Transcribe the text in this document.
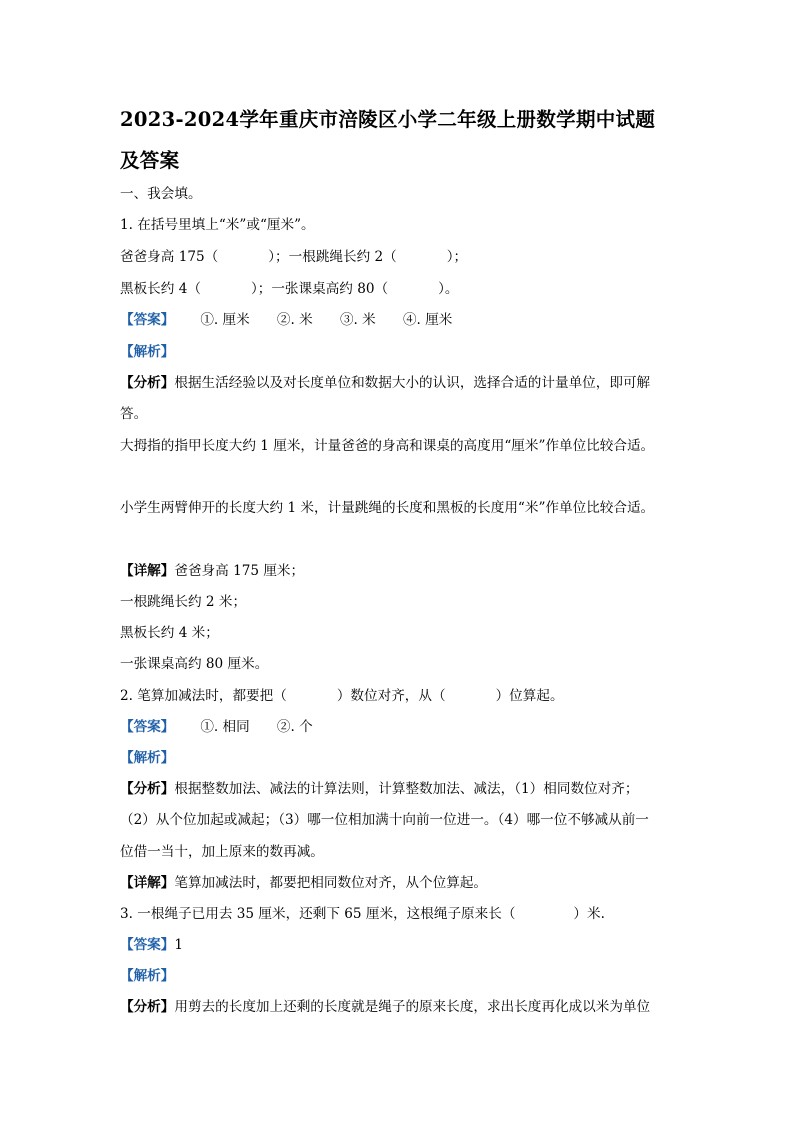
2023-2024学年重庆市涪陵区小学二年级上册数学期中试题
及答案
一、我会填。
1. 在括号里填上“米”或“厘米”。
爸爸身高 175（	）；一根跳绳长约 2（	）；
黑板长约 4（	）；一张课桌高约 80（	）。
【答案】 ①. 厘米　　②. 米　　③. 米　　④. 厘米
【解析】
【分析】根据生活经验以及对长度单位和数据大小的认识，选择合适的计量单位，即可解
答。
大拇指的指甲长度大约 1 厘米，计量爸爸的身高和课桌的高度用“厘米”作单位比较合适。
小学生两臂伸开的长度大约 1 米，计量跳绳的长度和黑板的长度用“米”作单位比较合适。
【详解】爸爸身高 175 厘米；
一根跳绳长约 2 米；
黑板长约 4 米；
一张课桌高约 80 厘米。
2. 笔算加减法时，都要把（	）数位对齐，从（	）位算起。
【答案】 ①. 相同　　②. 个
【解析】
【分析】根据整数加法、减法的计算法则，计算整数加法、减法，（1）相同数位对齐；
（2）从个位加起或减起；（3）哪一位相加满十向前一位进一。（4）哪一位不够减从前一
位借一当十，加上原来的数再减。
【详解】笔算加减法时，都要把相同数位对齐，从个位算起。
3. 一根绳子已用去 35 厘米，还剩下 65 厘米，这根绳子原来长（	）米.
【答案】1
【解析】
【分析】用剪去的长度加上还剩的长度就是绳子的原来长度，求出长度再化成以米为单位
